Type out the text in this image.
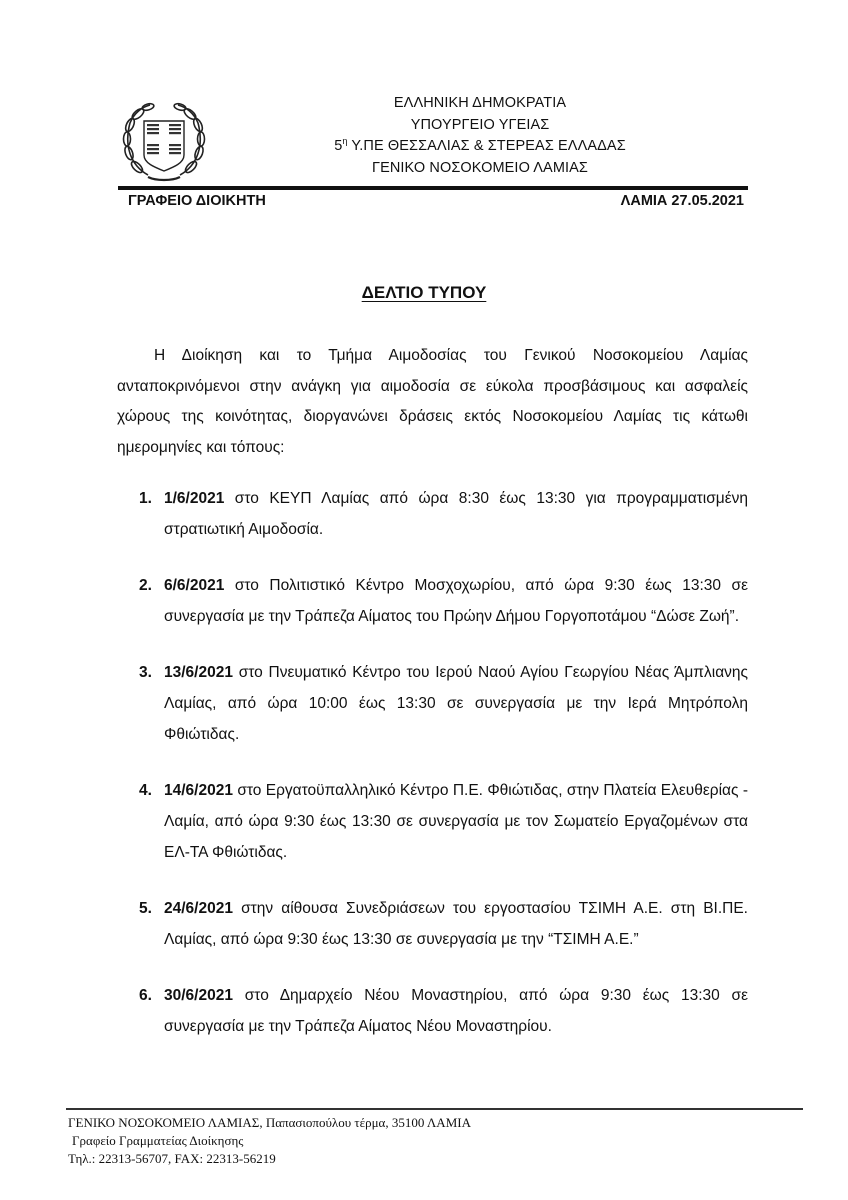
ΕΛΛΗΝΙΚΗ ΔΗΜΟΚΡΑΤΙΑ
ΥΠΟΥΡΓΕΙΟ ΥΓΕΙΑΣ
$5^\eta$ Υ.ΠΕ ΘΕΣΣΑΛΙΑΣ & ΣΤΕΡΕΑΣ ΕΛΛΑΔΑΣ
ΓΕΝΙΚΟ ΝΟΣΟΚΟΜΕΙΟ ΛΑΜΙΑΣ
ΓΡΑΦΕΙΟ ΔΙΟΙΚΗΤΗ	ΛΑΜΙΑ 27.05.2021
ΔΕΛΤΙΟ ΤΥΠΟΥ

Η Διοίκηση και το Τμήμα Αιμοδοσίας του Γενικού Νοσοκομείου Λαμίας ανταποκρινόμενοι στην ανάγκη για αιμοδοσία σε εύκολα προσβάσιμους και ασφαλείς χώρους της κοινότητας, διοργανώνει δράσεις εκτός Νοσοκομείου Λαμίας τις κάτωθι ημερομηνίες και τόπους:

1. 1/6/2021 στο ΚΕΥΠ Λαμίας από ώρα 8:30 έως 13:30 για προγραμματισμένη στρατιωτική Αιμοδοσία.
2. 6/6/2021 στο Πολιτιστικό Κέντρο Μοσχοχωρίου, από ώρα 9:30 έως 13:30 σε συνεργασία με την Τράπεζα Αίματος του Πρώην Δήμου Γοργοποτάμου “Δώσε Ζωή”.
3. 13/6/2021 στο Πνευματικό Κέντρο του Ιερού Ναού Αγίου Γεωργίου Νέας Άμπλιανης Λαμίας, από ώρα 10:00 έως 13:30 σε συνεργασία με την Ιερά Μητρόπολη Φθιώτιδας.
4. 14/6/2021 στο Εργατοϋπαλληλικό Κέντρο Π.Ε. Φθιώτιδας, στην Πλατεία Ελευθερίας - Λαμία, από ώρα 9:30 έως 13:30 σε συνεργασία με τον Σωματείο Εργαζομένων στα ΕΛ-ΤΑ Φθιώτιδας.
5. 24/6/2021 στην αίθουσα Συνεδριάσεων του εργοστασίου ΤΣΙΜΗ Α.Ε. στη ΒΙ.ΠΕ. Λαμίας, από ώρα 9:30 έως 13:30 σε συνεργασία με την “ΤΣΙΜΗ Α.Ε.”
6. 30/6/2021 στο Δημαρχείο Νέου Μοναστηρίου, από ώρα 9:30 έως 13:30 σε συνεργασία με την Τράπεζα Αίματος Νέου Μοναστηρίου.
ΓΕΝΙΚΟ ΝΟΣΟΚΟΜΕΙΟ ΛΑΜΙΑΣ, Παπασιοπούλου τέρμα, 35100 ΛΑΜΙΑ
Γραφείο Γραμματείας Διοίκησης
Τηλ.: 22313-56707, FAX: 22313-56219
